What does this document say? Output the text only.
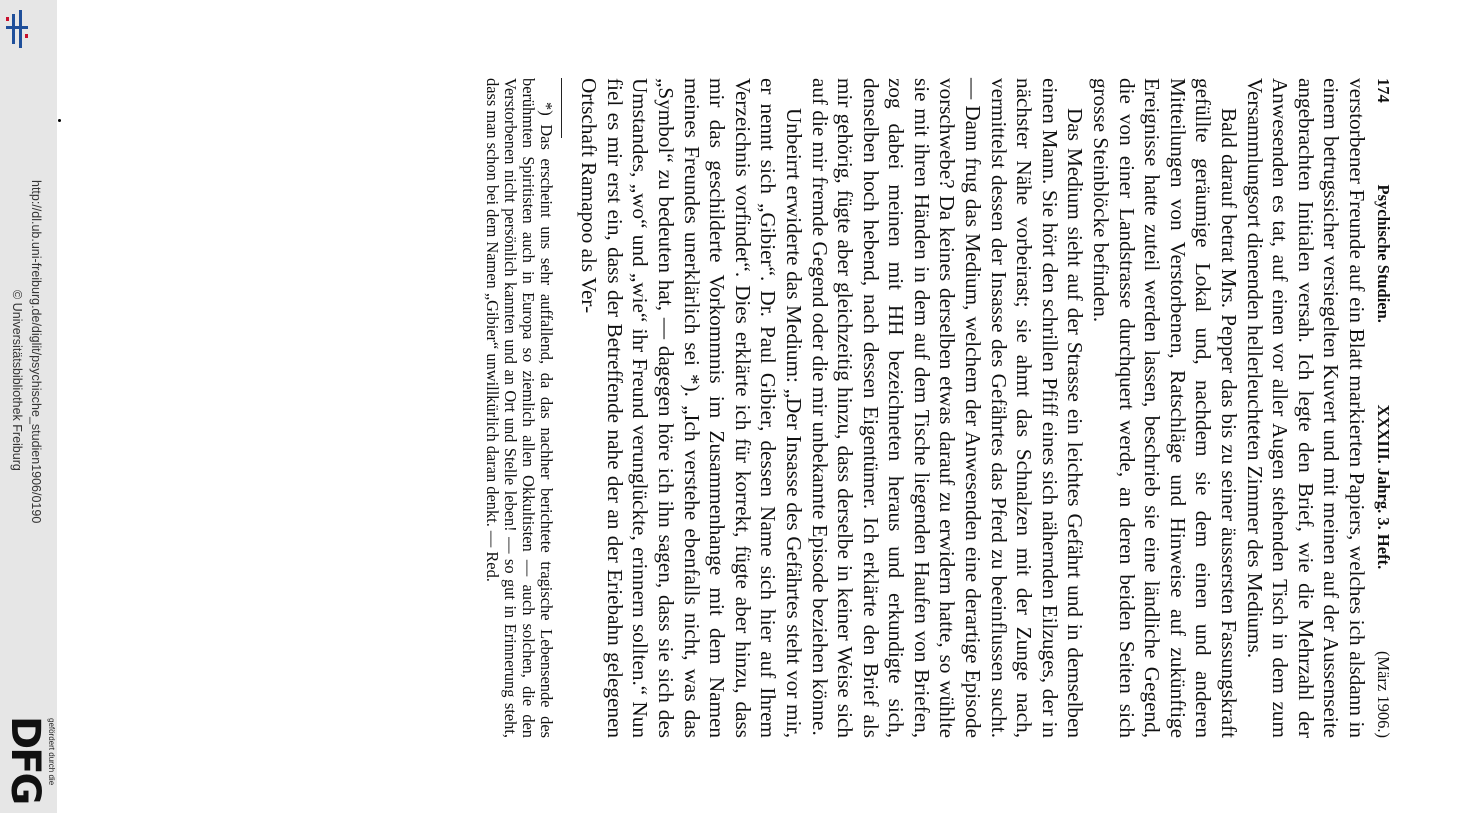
http://dl.ub.uni-freiburg.de/diglit/psychische_studien1906/0190
© Universitätsbibliothek Freiburg
gefördert durch die
DFG
174
Psychische Studien.
XXXIII. Jahrg. 3. Heft.
(März 1906.)

verstorbener Freunde auf ein Blatt markierten Papiers, welches ich alsdann in einem betrugssicher versiegelten Kuvert und mit meinen auf der Aussenseite angebrachten Initialen versah. Ich legte den Brief, wie die Mehrzahl der Anwesenden es tat, auf einen vor aller Augen stehenden Tisch in dem zum Versammlungsort dienenden hellerleuchteten Zimmer des Mediums.

Bald darauf betrat Mrs. Pepper das bis zu seiner äussersten Fassungskraft gefüllte geräumige Lokal und, nachdem sie dem einen und anderen Mitteilungen von Verstorbenen, Ratschläge und Hinweise auf zukünftige Ereignisse hatte zuteil werden lassen, beschrieb sie eine ländliche Gegend, die von einer Landstrasse durchquert werde, an deren beiden Seiten sich grosse Steinblöcke befinden.

Das Medium sieht auf der Strasse ein leichtes Gefährt und in demselben einen Mann. Sie hört den schrillen Pfiff eines sich nähernden Eilzuges, der in nächster Nähe vorbeirast; sie ahmt das Schnalzen mit der Zunge nach, vermittelst dessen der Insasse des Gefährtes das Pferd zu beeinflussen sucht. — Dann frug das Medium, welchem der Anwesenden eine derartige Episode vorschwebe? Da keines derselben etwas darauf zu erwidern hatte, so wühlte sie mit ihren Händen in dem auf dem Tische liegenden Haufen von Briefen, zog dabei meinen mit HH bezeichneten heraus und erkundigte sich, denselben hoch hebend, nach dessen Eigentümer. Ich erklärte den Brief als mir gehörig, fügte aber gleichzeitig hinzu, dass derselbe in keiner Weise sich auf die mir fremde Gegend oder die mir unbekannte Episode beziehen könne.

Unbeirrt erwiderte das Medium: „Der Insasse des Gefährtes steht vor mir, er nennt sich „Gibier“. Dr. Paul Gibier, dessen Name sich hier auf Ihrem Verzeichnis vorfindet“. Dies erklärte ich für korrekt, fügte aber hinzu, dass mir das geschilderte Vorkommnis im Zusammenhange mit dem Namen meines Freundes unerklärlich sei *). „Ich verstehe ebenfalls nicht, was das „Symbol“ zu bedeuten hat, — dagegen höre ich ihn sagen, dass sie sich des Umstandes, „wo“ und „wie“ ihr Freund verunglückte, erinnern sollten.“ Nun fiel es mir erst ein, dass der Betreffende nahe der an der Eriebahn gelegenen Ortschaft Ramapoo als Ver-

*) Das erscheint uns sehr auffallend, da das nachher berichtete tragische Lebensende des berühmten Spiritisten auch in Europa so ziemlich allen Okkultisten — auch solchen, die den Verstorbenen nicht persönlich kannten und an Ort und Stelle leben! — so gut in Erinnerung steht, dass man schon bei dem Namen „Gibier“ unwillkürlich daran denkt. — Red.
